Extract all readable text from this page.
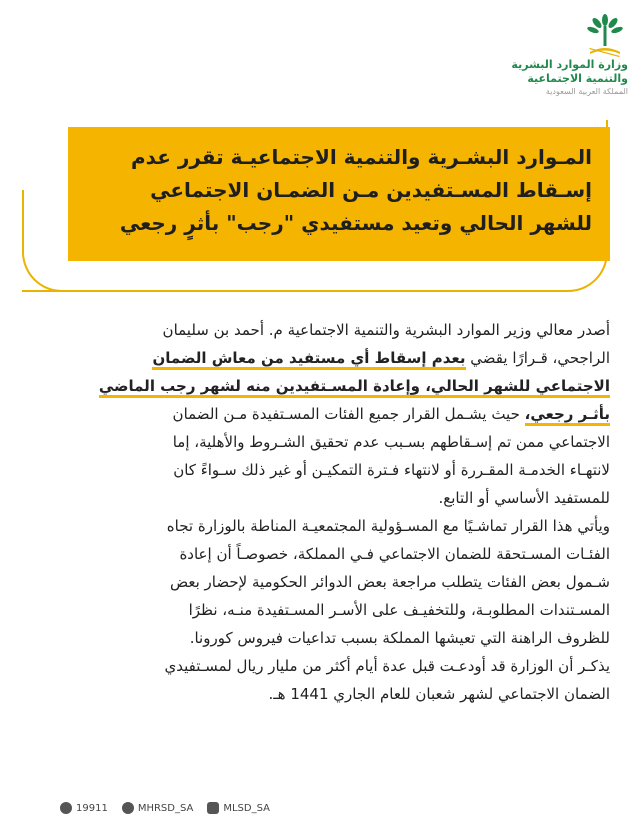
وزارة الموارد البشرية
والتنمية الاجتماعية
المملكة العربية السعودية
المـوارد البشـرية والتنمية الاجتماعيـة تقرر عدم
إسـقاط المسـتفيدين مـن الضمـان الاجتماعي
للشهر الحالي وتعيد مستفيدي "رجب" بأثرٍ رجعي
أصدر معالي وزير الموارد البشرية والتنمية الاجتماعية م. أحمد بن سليمان
الراجحي، قـرارًا يقضي بعدم إسقاط أي مستفيد من معاش الضمان
الاجتماعي للشهر الحالي، وإعادة المسـتفيدين منه لشهر رجب الماضي
بأثـر رجعي، حيث يشـمل القرار جميع الفئات المسـتفيدة مـن الضمان
الاجتماعي ممن تم إسـقاطهم بسـبب عدم تحقيق الشـروط والأهلية، إما
لانتهـاء الخدمـة المقـررة أو لانتهاء فـترة التمكيـن أو غير ذلك سـواءً كان
للمستفيد الأساسي أو التابع.
ويأتي هذا القرار تماشـيًا مع المسـؤولية المجتمعيـة المناطة بالوزارة تجاه
الفئـات المسـتحقة للضمان الاجتماعي فـي المملكة، خصوصـاً أن إعادة
شـمول بعض الفئات يتطلب مراجعة بعض الدوائر الحكومية لإحضار بعض
المسـتندات المطلوبـة، وللتخفيـف على الأسـر المسـتفيدة منـه، نظرًا
للظروف الراهنة التي تعيشها المملكة بسبب تداعيات فيروس كورونا.
يذكـر أن الوزارة قد أودعـت قبل عدة أيام أكثر من مليار ريال لمسـتفيدي
الضمان الاجتماعي لشهر شعبان للعام الجاري 1441 هـ.
19911	MHRSD_SA	MLSD_SA
